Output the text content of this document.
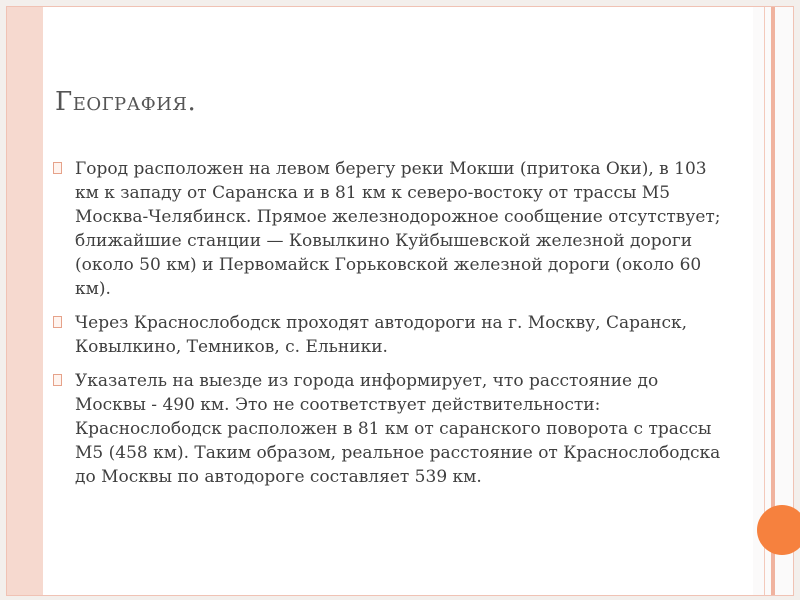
География.
Город расположен на левом берегу реки Мокши (притока Оки), в 103 км к западу от Саранска и в 81 км к северо-востоку от трассы М5 Москва-Челябинск. Прямое железнодорожное сообщение отсутствует; ближайшие станции — Ковылкино Куйбышевской железной дороги (около 50 км) и Первомайск Горьковской железной дороги (около 60 км).
Через Краснослободск проходят автодороги на г. Москву, Саранск, Ковылкино, Темников, с. Ельники.
Указатель на выезде из города информирует, что расстояние до Москвы - 490 км. Это не соответствует действительности: Краснослободск расположен в 81 км от саранского поворота с трассы М5 (458 км). Таким образом, реальное расстояние от Краснослободска до Москвы по автодороге составляет 539 км.
